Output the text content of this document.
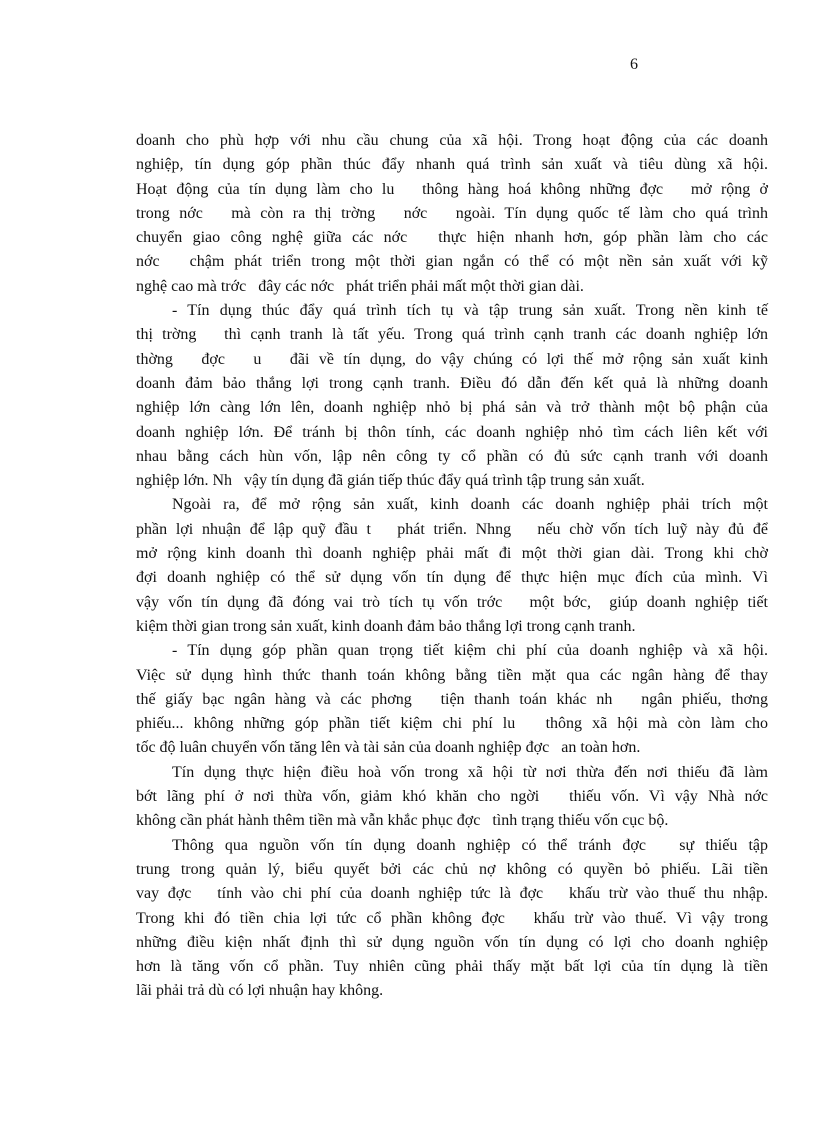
6
doanh cho phù hợp với nhu cầu chung của xã hội. Trong hoạt động của các doanh
nghiệp, tín dụng góp phần thúc đẩy nhanh quá trình sản xuất và tiêu dùng xã hội.
Hoạt động của tín dụng làm cho lu   thông hàng hoá không những đợc   mở rộng ở
trong nớc   mà còn ra thị trờng   nớc   ngoài. Tín dụng quốc tế làm cho quá trình
chuyển giao công nghệ giữa các nớc   thực hiện nhanh hơn, góp phần làm cho các
nớc   chậm phát triển trong một thời gian ngắn có thể có một nền sản xuất với kỹ
nghệ cao mà trớc   đây các nớc   phát triển phải mất một thời gian dài.
- Tín dụng thúc đẩy quá trình tích tụ và tập trung sản xuất. Trong nền kinh tế
thị trờng   thì cạnh tranh là tất yếu. Trong quá trình cạnh tranh các doanh nghiệp lớn
thờng   đợc   u   đãi về tín dụng, do vậy chúng có lợi thế mở rộng sản xuất kinh
doanh đảm bảo thắng lợi trong cạnh tranh. Điều đó dẫn đến kết quả là những doanh
nghiệp lớn càng lớn lên, doanh nghiệp nhỏ bị phá sản và trở thành một bộ phận của
doanh nghiệp lớn. Để tránh bị thôn tính, các doanh nghiệp nhỏ tìm cách liên kết với
nhau bằng cách hùn vốn, lập nên công ty cổ phần có đủ sức cạnh tranh với doanh
nghiệp lớn. Nh   vậy tín dụng đã gián tiếp thúc đẩy quá trình tập trung sản xuất.
Ngoài ra, để mở rộng sản xuất, kinh doanh các doanh nghiệp phải trích một
phần lợi nhuận để lập quỹ đầu t   phát triển. Nhng   nếu chờ vốn tích luỹ này đủ để
mở rộng kinh doanh thì doanh nghiệp phải mất đi một thời gian dài. Trong khi chờ
đợi doanh nghiệp có thể sử dụng vốn tín dụng để thực hiện mục đích của mình. Vì
vậy vốn tín dụng đã đóng vai trò tích tụ vốn trớc   một bớc,  giúp doanh nghiệp tiết
kiệm thời gian trong sản xuất, kinh doanh đảm bảo thắng lợi trong cạnh tranh.
- Tín dụng góp phần quan trọng tiết kiệm chi phí của doanh nghiệp và xã hội.
Việc sử dụng hình thức thanh toán không bằng tiền mặt qua các ngân hàng để thay
thế giấy bạc ngân hàng và các phơng   tiện thanh toán khác nh   ngân phiếu, thơng
phiếu... không những góp phần tiết kiệm chi phí lu   thông xã hội mà còn làm cho
tốc độ luân chuyển vốn tăng lên và tài sản của doanh nghiệp đợc   an toàn hơn.
Tín dụng thực hiện điều hoà vốn trong xã hội từ nơi thừa đến nơi thiếu đã làm
bớt lãng phí ở nơi thừa vốn, giảm khó khăn cho ngời   thiếu vốn. Vì vậy Nhà nớc
không cần phát hành thêm tiền mà vẫn khắc phục đợc   tình trạng thiếu vốn cục bộ.
Thông qua nguồn vốn tín dụng doanh nghiệp có thể tránh đợc   sự thiếu tập
trung trong quản lý, biểu quyết bởi các chủ nợ không có quyền bỏ phiếu. Lãi tiền
vay đợc   tính vào chi phí của doanh nghiệp tức là đợc   khấu trừ vào thuế thu nhập.
Trong khi đó tiền chia lợi tức cổ phần không đợc   khấu trừ vào thuế. Vì vậy trong
những điều kiện nhất định thì sử dụng nguồn vốn tín dụng có lợi cho doanh nghiệp
hơn là tăng vốn cổ phần. Tuy nhiên cũng phải thấy mặt bất lợi của tín dụng là tiền
lãi phải trả dù có lợi nhuận hay không.
